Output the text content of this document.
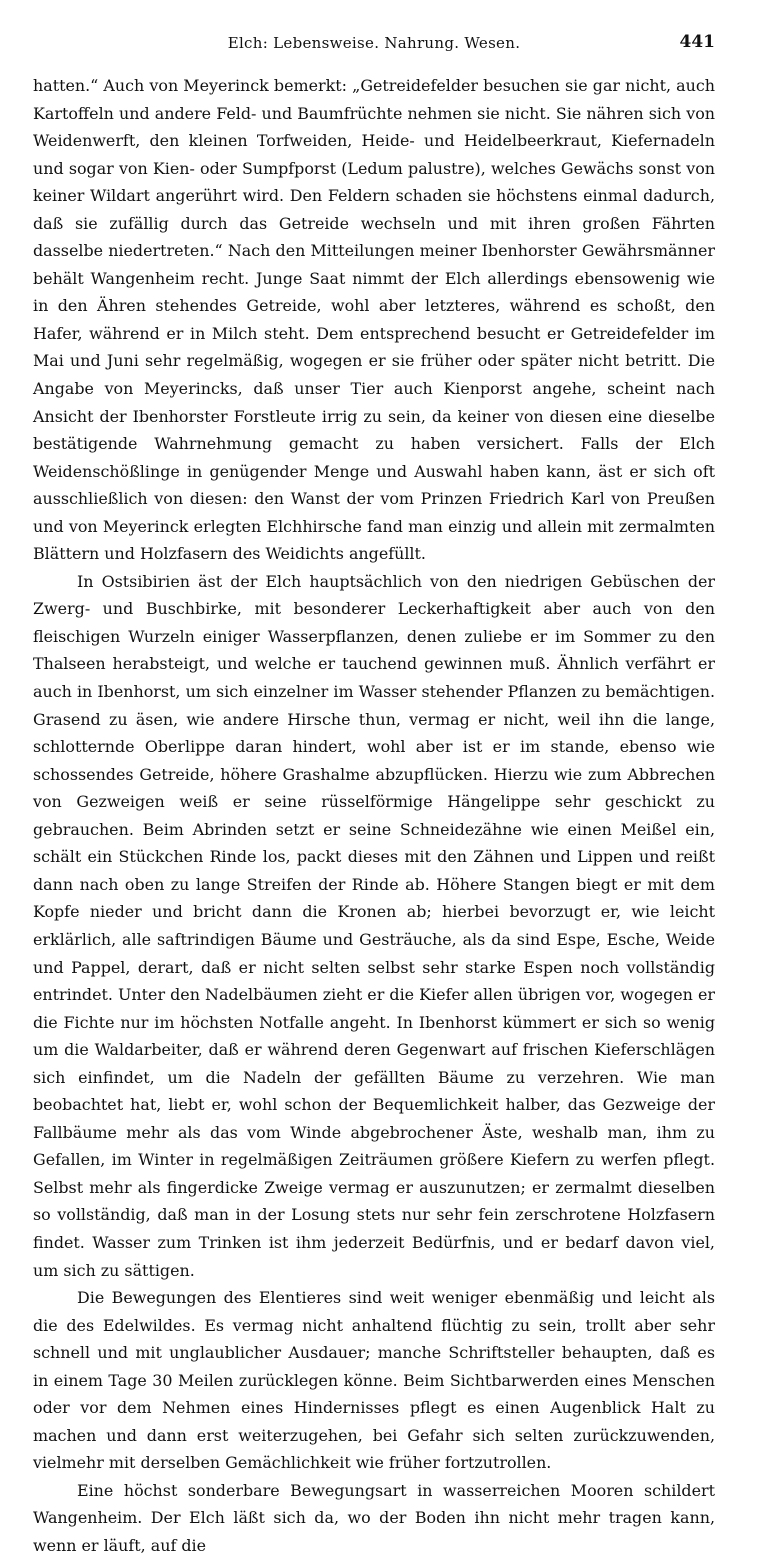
Elch: Lebensweise. Nahrung. Wesen.	441

hatten.“ Auch von Meyerinck bemerkt: „Getreidefelder besuchen sie gar nicht, auch Kartoffeln und andere Feld- und Baumfrüchte nehmen sie nicht. Sie nähren sich von Weidenwerft, den kleinen Torfweiden, Heide- und Heidelbeerkraut, Kiefernadeln und sogar von Kien- oder Sumpfporst (Ledum palustre), welches Gewächs sonst von keiner Wildart angerührt wird. Den Feldern schaden sie höchstens einmal dadurch, daß sie zufällig durch das Getreide wechseln und mit ihren großen Fährten dasselbe niedertreten.“ Nach den Mitteilungen meiner Ibenhorster Gewährsmänner behält Wangenheim recht. Junge Saat nimmt der Elch allerdings ebensowenig wie in den Ähren stehendes Getreide, wohl aber letzteres, während es schoßt, den Hafer, während er in Milch steht. Dem entsprechend besucht er Getreidefelder im Mai und Juni sehr regelmäßig, wogegen er sie früher oder später nicht betritt. Die Angabe von Meyerincks, daß unser Tier auch Kienporst angehe, scheint nach Ansicht der Ibenhorster Forstleute irrig zu sein, da keiner von diesen eine dieselbe bestätigende Wahrnehmung gemacht zu haben versichert. Falls der Elch Weidenschößlinge in genügender Menge und Auswahl haben kann, äst er sich oft ausschließlich von diesen: den Wanst der vom Prinzen Friedrich Karl von Preußen und von Meyerinck erlegten Elchhirsche fand man einzig und allein mit zermalmten Blättern und Holzfasern des Weidichts angefüllt.

In Ostsibirien äst der Elch hauptsächlich von den niedrigen Gebüschen der Zwerg- und Buschbirke, mit besonderer Leckerhaftigkeit aber auch von den fleischigen Wurzeln einiger Wasserpflanzen, denen zuliebe er im Sommer zu den Thalseen herabsteigt, und welche er tauchend gewinnen muß. Ähnlich verfährt er auch in Ibenhorst, um sich einzelner im Wasser stehender Pflanzen zu bemächtigen. Grasend zu äsen, wie andere Hirsche thun, vermag er nicht, weil ihn die lange, schlotternde Oberlippe daran hindert, wohl aber ist er im stande, ebenso wie schossendes Getreide, höhere Grashalme abzupflücken. Hierzu wie zum Abbrechen von Gezweigen weiß er seine rüsselförmige Hängelippe sehr geschickt zu gebrauchen. Beim Abrinden setzt er seine Schneidezähne wie einen Meißel ein, schält ein Stückchen Rinde los, packt dieses mit den Zähnen und Lippen und reißt dann nach oben zu lange Streifen der Rinde ab. Höhere Stangen biegt er mit dem Kopfe nieder und bricht dann die Kronen ab; hierbei bevorzugt er, wie leicht erklärlich, alle saftrindigen Bäume und Gesträuche, als da sind Espe, Esche, Weide und Pappel, derart, daß er nicht selten selbst sehr starke Espen noch vollständig entrindet. Unter den Nadelbäumen zieht er die Kiefer allen übrigen vor, wogegen er die Fichte nur im höchsten Notfalle angeht. In Ibenhorst kümmert er sich so wenig um die Waldarbeiter, daß er während deren Gegenwart auf frischen Kieferschlägen sich einfindet, um die Nadeln der gefällten Bäume zu verzehren. Wie man beobachtet hat, liebt er, wohl schon der Bequemlichkeit halber, das Gezweige der Fallbäume mehr als das vom Winde abgebrochener Äste, weshalb man, ihm zu Gefallen, im Winter in regelmäßigen Zeiträumen größere Kiefern zu werfen pflegt. Selbst mehr als fingerdicke Zweige vermag er auszunutzen; er zermalmt dieselben so vollständig, daß man in der Losung stets nur sehr fein zerschrotene Holzfasern findet. Wasser zum Trinken ist ihm jederzeit Bedürfnis, und er bedarf davon viel, um sich zu sättigen.

Die Bewegungen des Elentieres sind weit weniger ebenmäßig und leicht als die des Edelwildes. Es vermag nicht anhaltend flüchtig zu sein, trollt aber sehr schnell und mit unglaublicher Ausdauer; manche Schriftsteller behaupten, daß es in einem Tage 30 Meilen zurücklegen könne. Beim Sichtbarwerden eines Menschen oder vor dem Nehmen eines Hindernisses pflegt es einen Augenblick Halt zu machen und dann erst weiterzugehen, bei Gefahr sich selten zurückzuwenden, vielmehr mit derselben Gemächlichkeit wie früher fortzutrollen.

Eine höchst sonderbare Bewegungsart in wasserreichen Mooren schildert Wangenheim. Der Elch läßt sich da, wo der Boden ihn nicht mehr tragen kann, wenn er läuft, auf die
